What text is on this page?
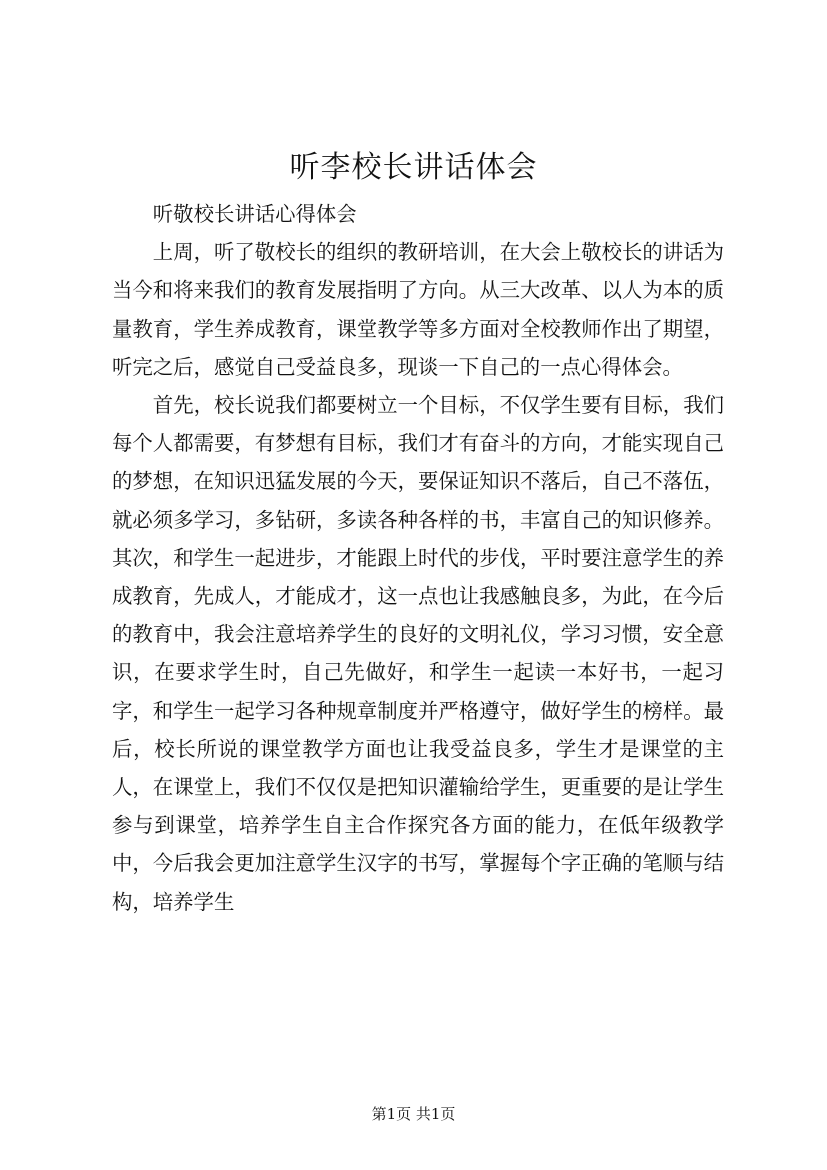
听李校长讲话体会

听敬校长讲话心得体会

上周，听了敬校长的组织的教研培训，在大会上敬校长的讲话为当今和将来我们的教育发展指明了方向。从三大改革、以人为本的质量教育，学生养成教育，课堂教学等多方面对全校教师作出了期望，听完之后，感觉自己受益良多，现谈一下自己的一点心得体会。

首先，校长说我们都要树立一个目标，不仅学生要有目标，我们每个人都需要，有梦想有目标，我们才有奋斗的方向，才能实现自己的梦想，在知识迅猛发展的今天，要保证知识不落后，自己不落伍，就必须多学习，多钻研，多读各种各样的书，丰富自己的知识修养。其次，和学生一起进步，才能跟上时代的步伐，平时要注意学生的养成教育，先成人，才能成才，这一点也让我感触良多，为此，在今后的教育中，我会注意培养学生的良好的文明礼仪，学习习惯，安全意识，在要求学生时，自己先做好，和学生一起读一本好书，一起习字，和学生一起学习各种规章制度并严格遵守，做好学生的榜样。最后，校长所说的课堂教学方面也让我受益良多，学生才是课堂的主人，在课堂上，我们不仅仅是把知识灌输给学生，更重要的是让学生参与到课堂，培养学生自主合作探究各方面的能力，在低年级教学中，今后我会更加注意学生汉字的书写，掌握每个字正确的笔顺与结构，培养学生

第1页 共1页
